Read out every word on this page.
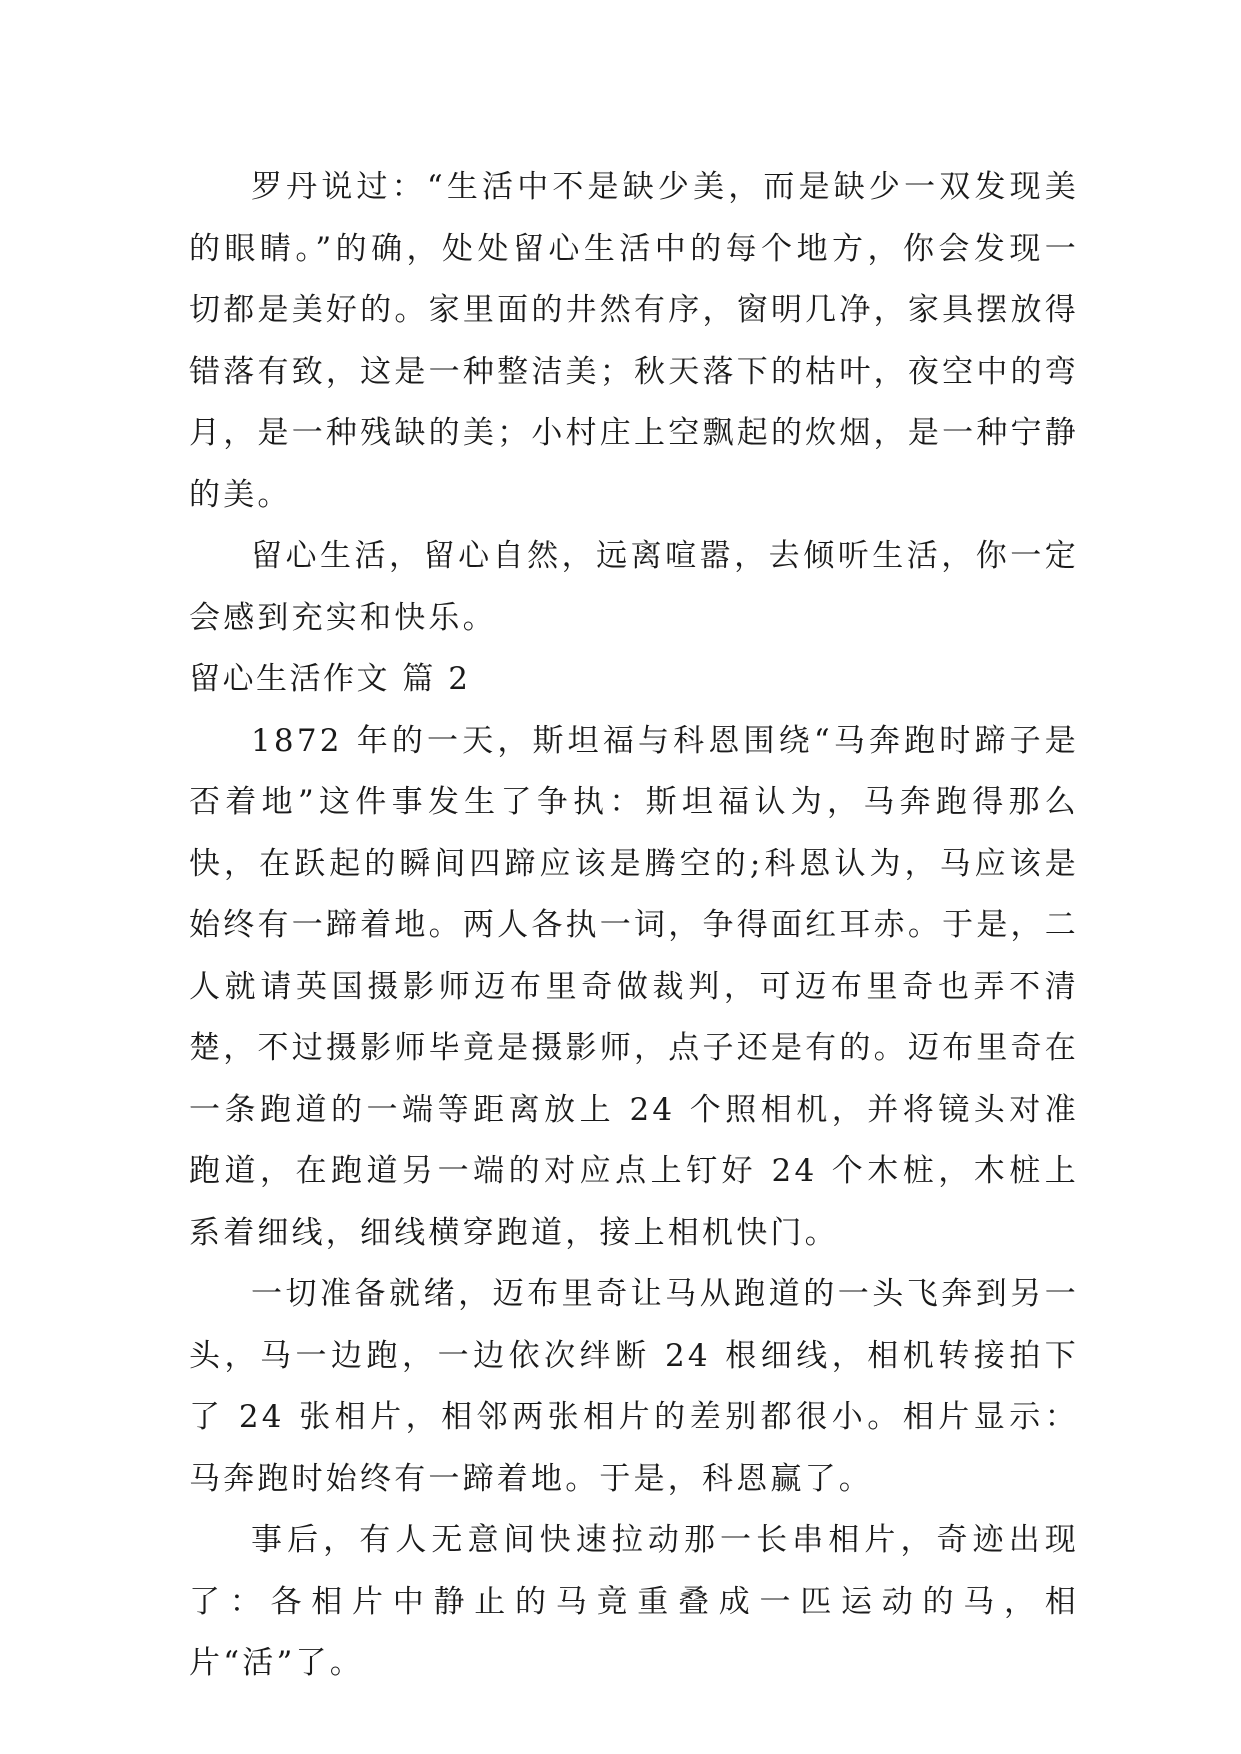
罗丹说过：“生活中不是缺少美，而是缺少一双发现美的眼睛。”的确，处处留心生活中的每个地方，你会发现一切都是美好的。家里面的井然有序，窗明几净，家具摆放得错落有致，这是一种整洁美；秋天落下的枯叶，夜空中的弯月，是一种残缺的美；小村庄上空飘起的炊烟，是一种宁静的美。

留心生活，留心自然，远离喧嚣，去倾听生活，你一定会感到充实和快乐。

留心生活作文 篇 2

1872 年的一天，斯坦福与科恩围绕“马奔跑时蹄子是否着地”这件事发生了争执：斯坦福认为，马奔跑得那么快，在跃起的瞬间四蹄应该是腾空的;科恩认为，马应该是始终有一蹄着地。两人各执一词，争得面红耳赤。于是，二人就请英国摄影师迈布里奇做裁判，可迈布里奇也弄不清楚，不过摄影师毕竟是摄影师，点子还是有的。迈布里奇在一条跑道的一端等距离放上 24 个照相机，并将镜头对准跑道，在跑道另一端的对应点上钉好 24 个木桩，木桩上系着细线，细线横穿跑道，接上相机快门。

一切准备就绪，迈布里奇让马从跑道的一头飞奔到另一头，马一边跑，一边依次绊断 24 根细线，相机转接拍下了 24 张相片，相邻两张相片的差别都很小。相片显示：马奔跑时始终有一蹄着地。于是，科恩赢了。

事后，有人无意间快速拉动那一长串相片，奇迹出现了：各相片中静止的马竟重叠成一匹运动的马，相片“活”了。
